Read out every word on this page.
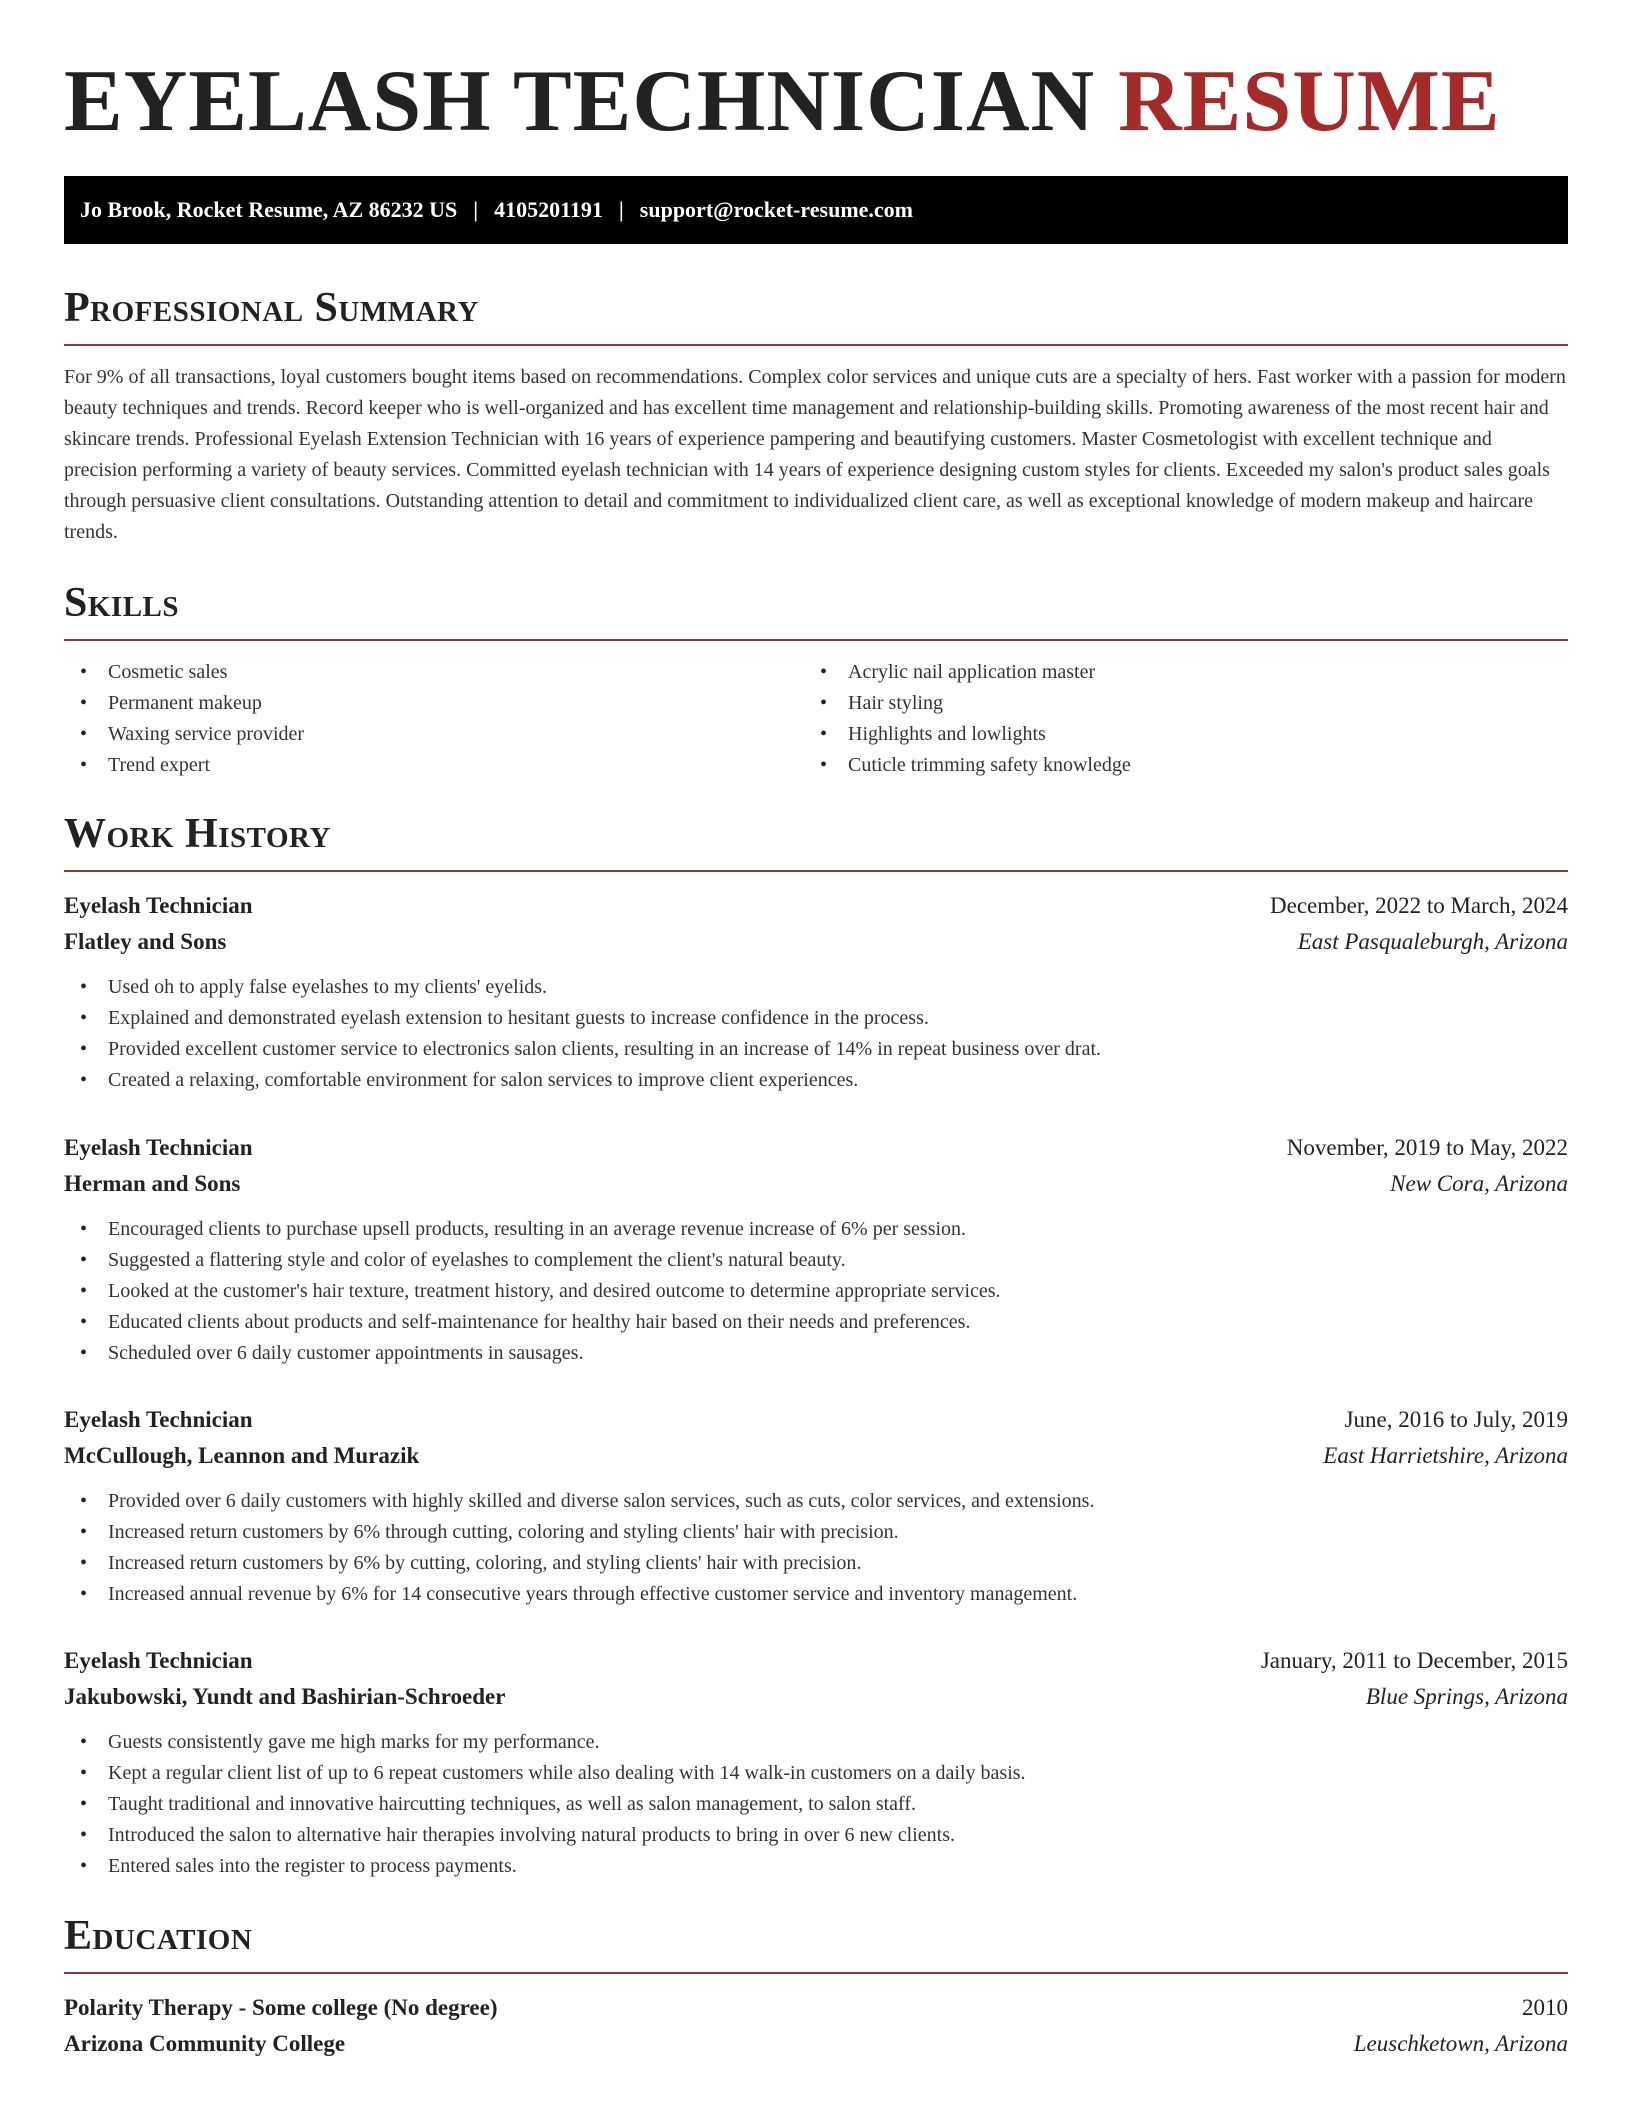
EYELASH TECHNICIAN RESUME
Jo Brook, Rocket Resume, AZ 86232 US | 4105201191 | support@rocket-resume.com
Professional Summary

For 9% of all transactions, loyal customers bought items based on recommendations. Complex color services and unique cuts are a specialty of hers. Fast worker with a passion for modern beauty techniques and trends. Record keeper who is well-organized and has excellent time management and relationship-building skills. Promoting awareness of the most recent hair and skincare trends. Professional Eyelash Extension Technician with 16 years of experience pampering and beautifying customers. Master Cosmetologist with excellent technique and precision performing a variety of beauty services. Committed eyelash technician with 14 years of experience designing custom styles for clients. Exceeded my salon's product sales goals through persuasive client consultations. Outstanding attention to detail and commitment to individualized client care, as well as exceptional knowledge of modern makeup and haircare trends.

Skills
• Cosmetic sales
• Permanent makeup
• Waxing service provider
• Trend expert
• Acrylic nail application master
• Hair styling
• Highlights and lowlights
• Cuticle trimming safety knowledge
Work History
Eyelash Technician	December, 2022 to March, 2024
Flatley and Sons	East Pasqualeburgh, Arizona
• Used oh to apply false eyelashes to my clients' eyelids.
• Explained and demonstrated eyelash extension to hesitant guests to increase confidence in the process.
• Provided excellent customer service to electronics salon clients, resulting in an increase of 14% in repeat business over drat.
• Created a relaxing, comfortable environment for salon services to improve client experiences.
Eyelash Technician	November, 2019 to May, 2022
Herman and Sons	New Cora, Arizona
• Encouraged clients to purchase upsell products, resulting in an average revenue increase of 6% per session.
• Suggested a flattering style and color of eyelashes to complement the client's natural beauty.
• Looked at the customer's hair texture, treatment history, and desired outcome to determine appropriate services.
• Educated clients about products and self-maintenance for healthy hair based on their needs and preferences.
• Scheduled over 6 daily customer appointments in sausages.
Eyelash Technician	June, 2016 to July, 2019
McCullough, Leannon and Murazik	East Harrietshire, Arizona
• Provided over 6 daily customers with highly skilled and diverse salon services, such as cuts, color services, and extensions.
• Increased return customers by 6% through cutting, coloring and styling clients' hair with precision.
• Increased return customers by 6% by cutting, coloring, and styling clients' hair with precision.
• Increased annual revenue by 6% for 14 consecutive years through effective customer service and inventory management.
Eyelash Technician	January, 2011 to December, 2015
Jakubowski, Yundt and Bashirian-Schroeder	Blue Springs, Arizona
• Guests consistently gave me high marks for my performance.
• Kept a regular client list of up to 6 repeat customers while also dealing with 14 walk-in customers on a daily basis.
• Taught traditional and innovative haircutting techniques, as well as salon management, to salon staff.
• Introduced the salon to alternative hair therapies involving natural products to bring in over 6 new clients.
• Entered sales into the register to process payments.
Education
Polarity Therapy - Some college (No degree)	2010
Arizona Community College	Leuschketown, Arizona
